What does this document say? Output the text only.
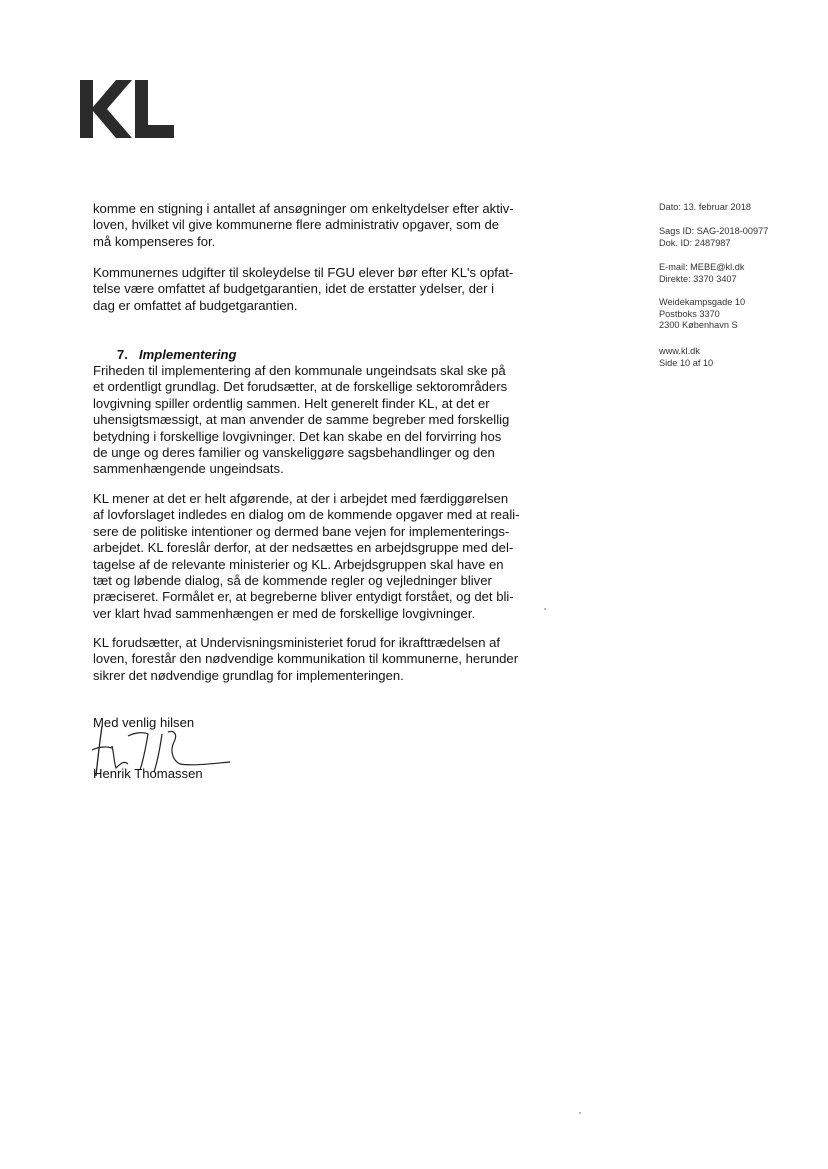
komme en stigning i antallet af ansøgninger om enkeltydelser efter aktiv-

loven, hvilket vil give kommunerne flere administrativ opgaver, som de

må kompenseres for.

Kommunernes udgifter til skoleydelse til FGU elever bør efter KL's opfat-

telse være omfattet af budgetgarantien, idet de erstatter ydelser, der i

dag er omfattet af budgetgarantien.

7. Implementering

Friheden til implementering af den kommunale ungeindsats skal ske på

et ordentligt grundlag. Det forudsætter, at de forskellige sektorområders

lovgivning spiller ordentlig sammen. Helt generelt finder KL, at det er

uhensigtsmæssigt, at man anvender de samme begreber med forskellig

betydning i forskellige lovgivninger. Det kan skabe en del forvirring hos

de unge og deres familier og vanskeliggøre sagsbehandlinger og den

sammenhængende ungeindsats.

KL mener at det er helt afgørende, at der i arbejdet med færdiggørelsen

af lovforslaget indledes en dialog om de kommende opgaver med at reali-

sere de politiske intentioner og dermed bane vejen for implementerings-

arbejdet. KL foreslår derfor, at der nedsættes en arbejdsgruppe med del-

tagelse af de relevante ministerier og KL. Arbejdsgruppen skal have en

tæt og løbende dialog, så de kommende regler og vejledninger bliver

præciseret. Formålet er, at begreberne bliver entydigt forstået, og det bli-

ver klart hvad sammenhængen er med de forskellige lovgivninger.

KL forudsætter, at Undervisningsministeriet forud for ikrafttrædelsen af

loven, forestår den nødvendige kommunikation til kommunerne, herunder

sikrer det nødvendige grundlag for implementeringen.

Dato: 13. februar 2018
Sags ID: SAG-2018-00977
Dok. ID: 2487987
E-mail: MEBE@kl.dk
Direkte: 3370 3407
Weidekampsgade 10
Postboks 3370
2300 København S
www.kl.dk
Side 10 af 10
Med venlig hilsen
Henrik Thomassen
